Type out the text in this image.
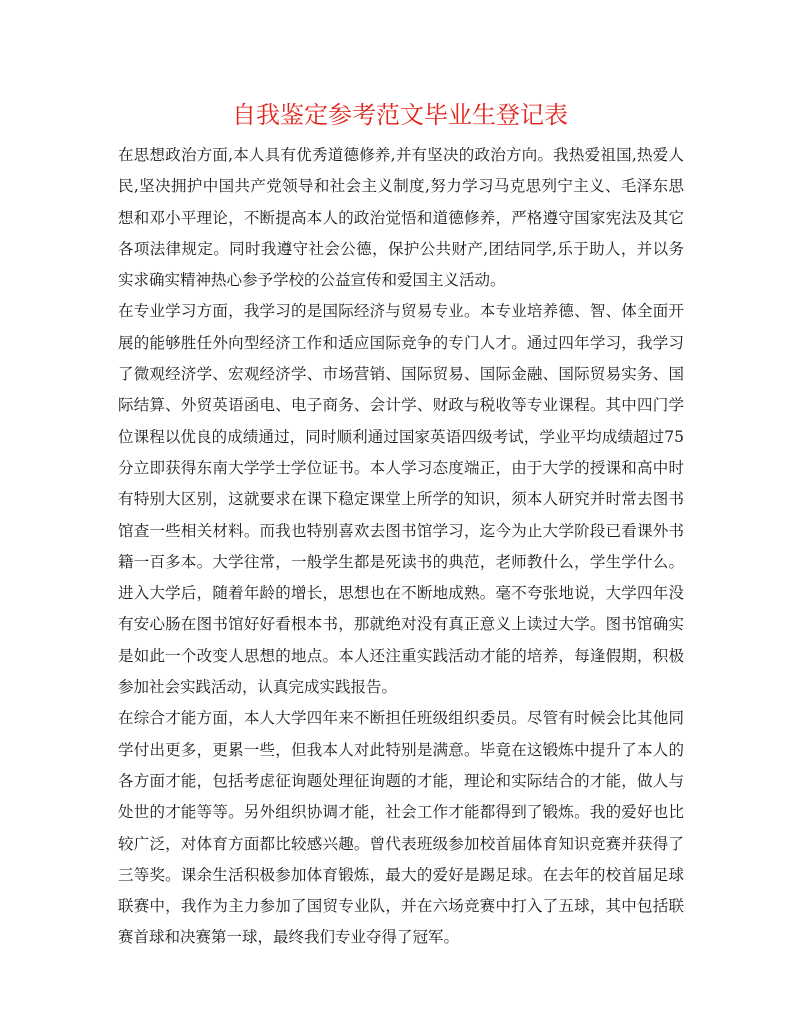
自我鉴定参考范文毕业生登记表

在思想政治方面,本人具有优秀道德修养,并有坚决的政治方向。我热爱祖国,热爱人民,坚决拥护中国共产党领导和社会主义制度,努力学习马克思列宁主义、毛泽东思想和邓小平理论，不断提高本人的政治觉悟和道德修养，严格遵守国家宪法及其它各项法律规定。同时我遵守社会公德，保护公共财产,团结同学,乐于助人，并以务实求确实精神热心参予学校的公益宣传和爱国主义活动。

在专业学习方面，我学习的是国际经济与贸易专业。本专业培养德、智、体全面开展的能够胜任外向型经济工作和适应国际竞争的专门人才。通过四年学习，我学习了微观经济学、宏观经济学、市场营销、国际贸易、国际金融、国际贸易实务、国际结算、外贸英语函电、电子商务、会计学、财政与税收等专业课程。其中四门学位课程以优良的成绩通过，同时顺利通过国家英语四级考试，学业平均成绩超过75分立即获得东南大学学士学位证书。本人学习态度端正，由于大学的授课和高中时有特别大区别，这就要求在课下稳定课堂上所学的知识，须本人研究并时常去图书馆查一些相关材料。而我也特别喜欢去图书馆学习，迄今为止大学阶段已看课外书籍一百多本。大学往常，一般学生都是死读书的典范，老师教什么，学生学什么。进入大学后，随着年龄的增长，思想也在不断地成熟。毫不夸张地说，大学四年没有安心肠在图书馆好好看根本书，那就绝对没有真正意义上读过大学。图书馆确实是如此一个改变人思想的地点。本人还注重实践活动才能的培养，每逢假期，积极参加社会实践活动，认真完成实践报告。

在综合才能方面，本人大学四年来不断担任班级组织委员。尽管有时候会比其他同学付出更多，更累一些，但我本人对此特别是满意。毕竟在这锻炼中提升了本人的各方面才能，包括考虑征询题处理征询题的才能，理论和实际结合的才能，做人与处世的才能等等。另外组织协调才能，社会工作才能都得到了锻炼。我的爱好也比较广泛，对体育方面都比较感兴趣。曾代表班级参加校首届体育知识竞赛并获得了三等奖。课余生活积极参加体育锻炼，最大的爱好是踢足球。在去年的校首届足球联赛中，我作为主力参加了国贸专业队，并在六场竞赛中打入了五球，其中包括联赛首球和决赛第一球，最终我们专业夺得了冠军。
